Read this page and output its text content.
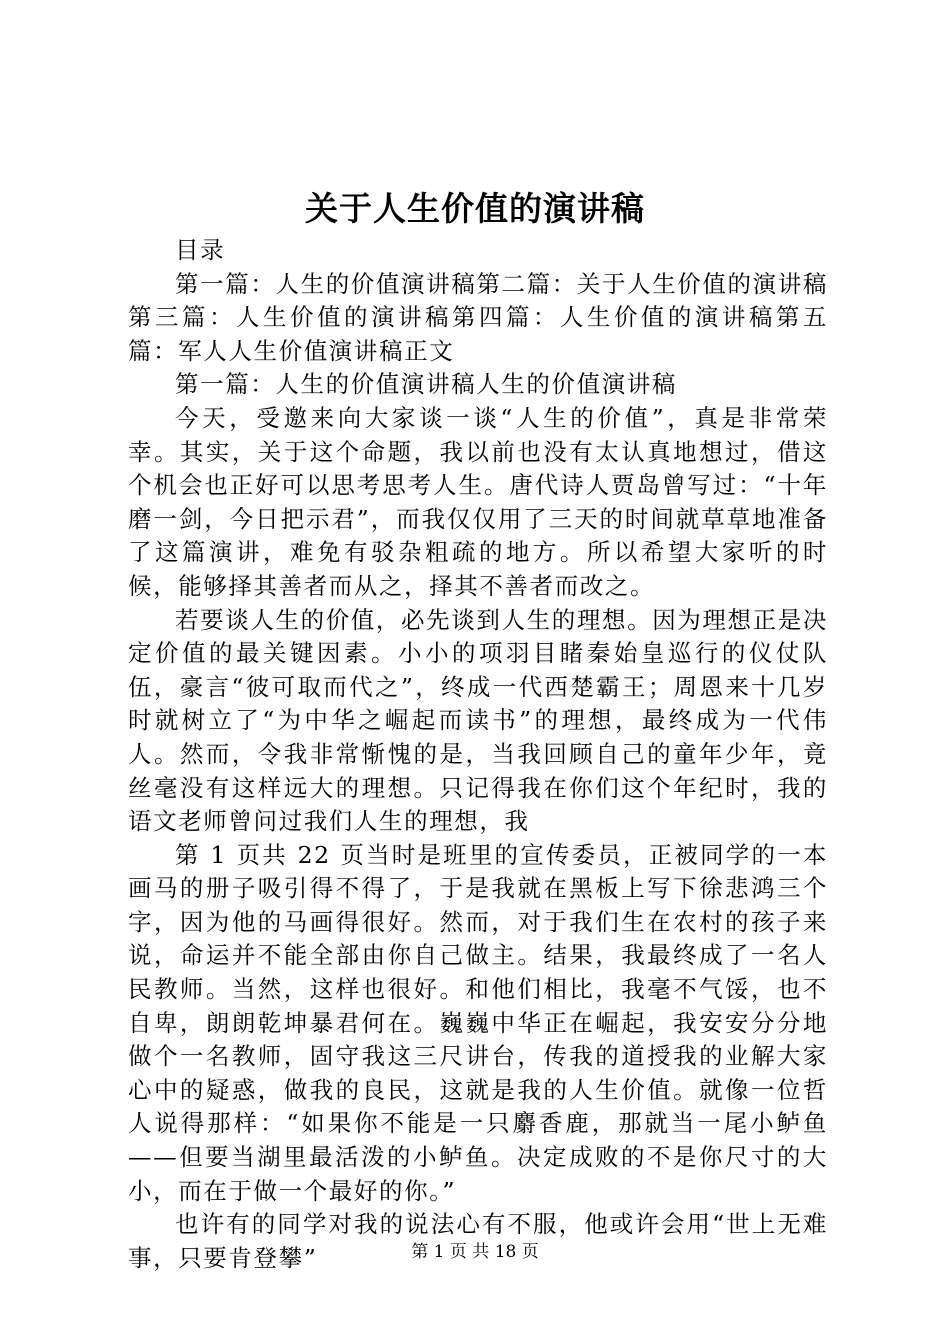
关于人生价值的演讲稿

目录

第一篇：人生的价值演讲稿第二篇：关于人生价值的演讲稿第三篇：人生价值的演讲稿第四篇：人生价值的演讲稿第五篇：军人人生价值演讲稿正文

第一篇：人生的价值演讲稿人生的价值演讲稿

今天，受邀来向大家谈一谈“人生的价值”，真是非常荣幸。其实，关于这个命题，我以前也没有太认真地想过，借这个机会也正好可以思考思考人生。唐代诗人贾岛曾写过：“十年磨一剑，今日把示君”，而我仅仅用了三天的时间就草草地准备了这篇演讲，难免有驳杂粗疏的地方。所以希望大家听的时候，能够择其善者而从之，择其不善者而改之。

若要谈人生的价值，必先谈到人生的理想。因为理想正是决定价值的最关键因素。小小的项羽目睹秦始皇巡行的仪仗队伍，豪言“彼可取而代之”，终成一代西楚霸王；周恩来十几岁时就树立了“为中华之崛起而读书”的理想，最终成为一代伟人。然而，令我非常惭愧的是，当我回顾自己的童年少年，竟丝毫没有这样远大的理想。只记得我在你们这个年纪时，我的语文老师曾问过我们人生的理想，我

第 1 页共 22 页当时是班里的宣传委员，正被同学的一本画马的册子吸引得不得了，于是我就在黑板上写下徐悲鸿三个字，因为他的马画得很好。然而，对于我们生在农村的孩子来说，命运并不能全部由你自己做主。结果，我最终成了一名人民教师。当然，这样也很好。和他们相比，我毫不气馁，也不自卑，朗朗乾坤暴君何在。巍巍中华正在崛起，我安安分分地做个一名教师，固守我这三尺讲台，传我的道授我的业解大家心中的疑惑，做我的良民，这就是我的人生价值。就像一位哲人说得那样：“如果你不能是一只麝香鹿，那就当一尾小鲈鱼——但要当湖里最活泼的小鲈鱼。决定成败的不是你尺寸的大小，而在于做一个最好的你。”

也许有的同学对我的说法心有不服，他或许会用“世上无难事，只要肯登攀”	第 1 页 共 18 页
